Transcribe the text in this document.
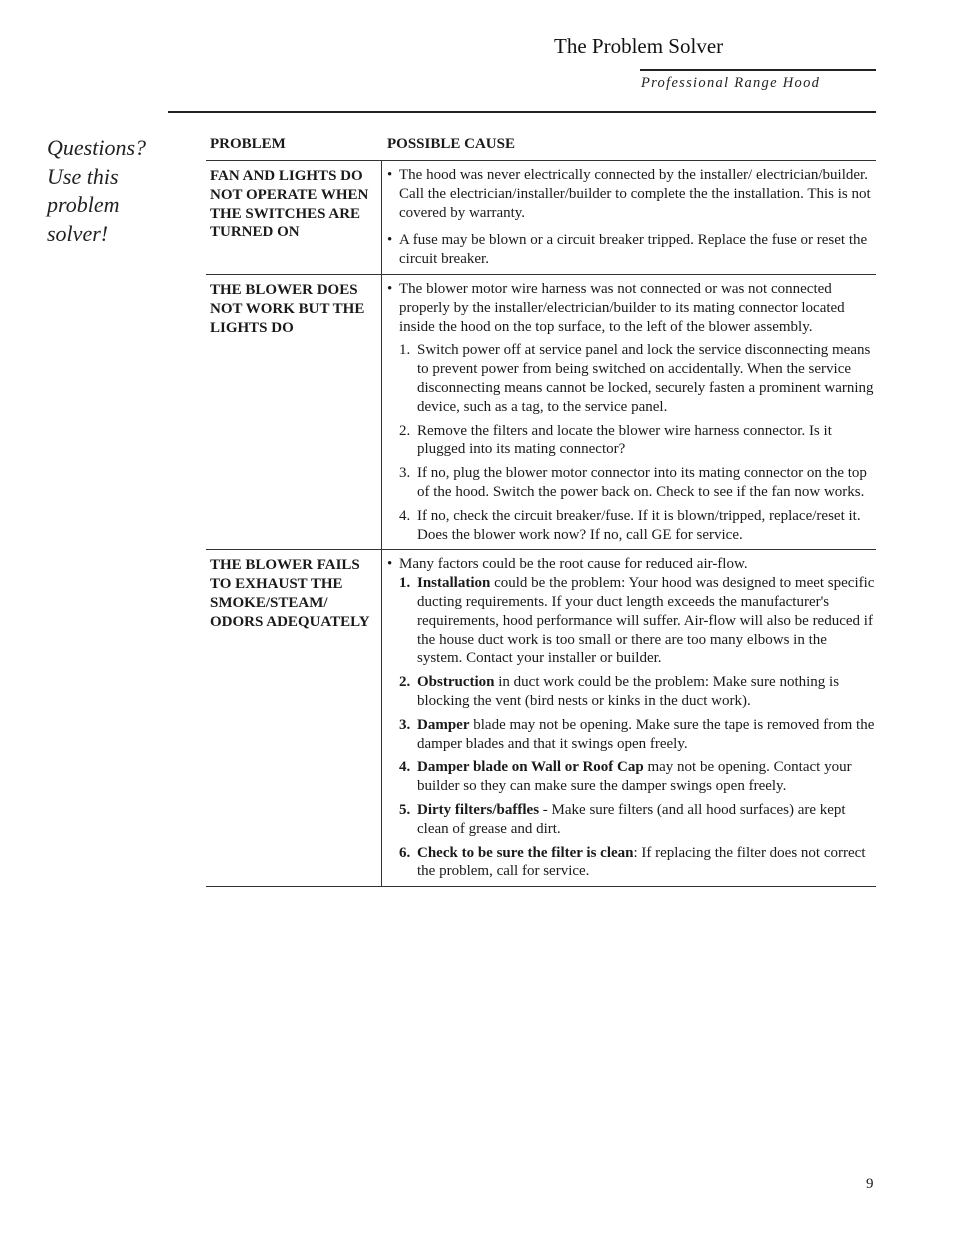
The Problem Solver
Professional Range Hood
Questions?
Use this
problem
solver!
PROBLEM	POSSIBLE CAUSE
FAN AND LIGHTS DO
NOT OPERATE WHEN
THE SWITCHES ARE
TURNED ON
• The hood was never electrically connected by the installer/ electrician/builder. Call the electrician/installer/builder to complete the the installation. This is not covered by warranty.
• A fuse may be blown or a circuit breaker tripped. Replace the fuse or reset the circuit breaker.
THE BLOWER DOES
NOT WORK BUT THE
LIGHTS DO
• The blower motor wire harness was not connected or was not connected properly by the installer/electrician/builder to its mating connector located inside the hood on the top surface, to the left of the blower assembly.
1. Switch power off at service panel and lock the service disconnecting means to prevent power from being switched on accidentally. When the service disconnecting means cannot be locked, securely fasten a prominent warning device, such as a tag, to the service panel.
2. Remove the filters and locate the blower wire harness connector. Is it plugged into its mating connector?
3. If no, plug the blower motor connector into its mating connector on the top of the hood. Switch the power back on. Check to see if the fan now works.
4. If no, check the circuit breaker/fuse. If it is blown/tripped, replace/reset it. Does the blower work now? If no, call GE for service.
THE BLOWER FAILS
TO EXHAUST THE
SMOKE/STEAM/
ODORS ADEQUATELY
• Many factors could be the root cause for reduced air-flow.
1. Installation could be the problem: Your hood was designed to meet specific ducting requirements. If your duct length exceeds the manufacturer's requirements, hood performance will suffer. Air-flow will also be reduced if the house duct work is too small or there are too many elbows in the system. Contact your installer or builder.
2. Obstruction in duct work could be the problem: Make sure nothing is blocking the vent (bird nests or kinks in the duct work).
3. Damper blade may not be opening. Make sure the tape is removed from the damper blades and that it swings open freely.
4. Damper blade on Wall or Roof Cap may not be opening. Contact your builder so they can make sure the damper swings open freely.
5. Dirty filters/baffles - Make sure filters (and all hood surfaces) are kept clean of grease and dirt.
6. Check to be sure the filter is clean: If replacing the filter does not correct the problem, call for service.
9
